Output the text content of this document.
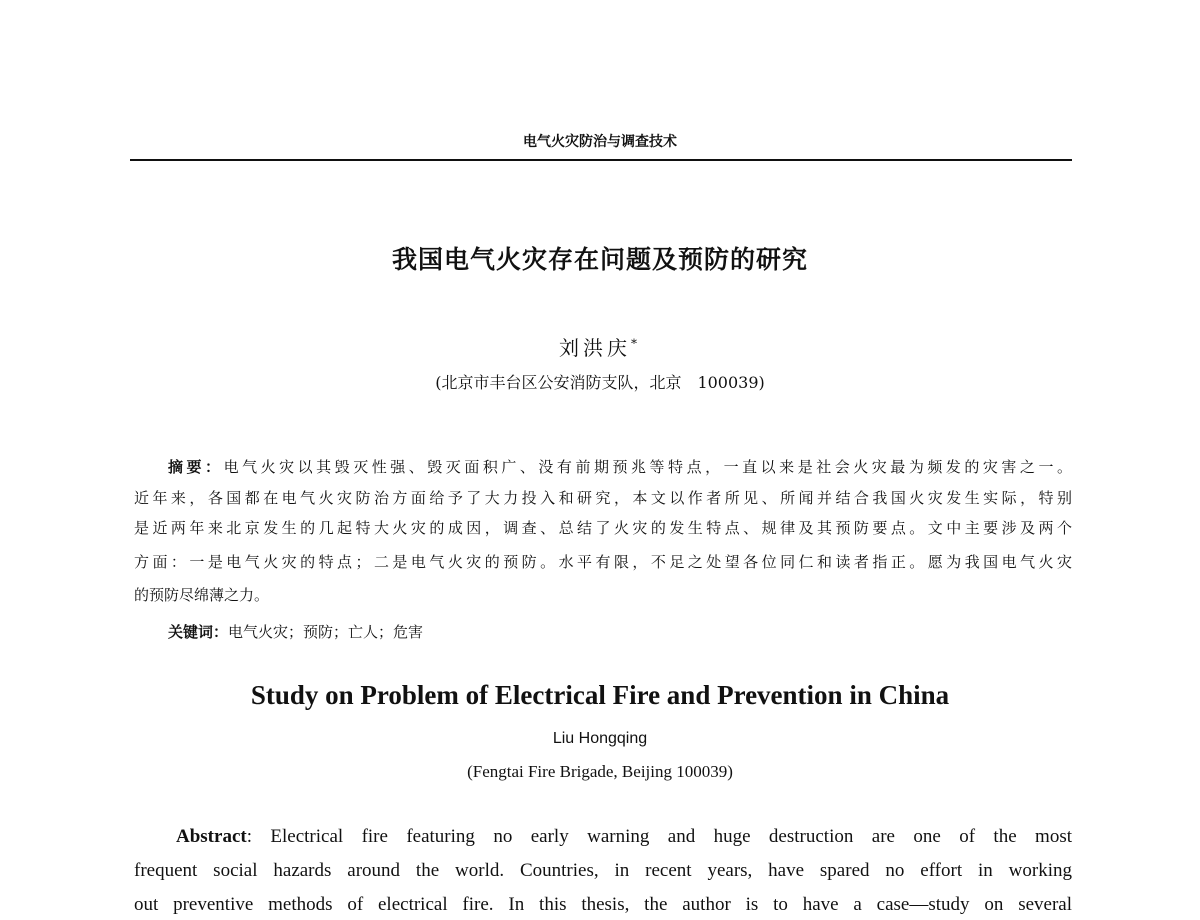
电气火灾防治与调查技术
我国电气火灾存在问题及预防的研究
刘洪庆*
(北京市丰台区公安消防支队，北京　100039)
摘要：电气火灾以其毁灭性强、毁灭面积广、没有前期预兆等特点，一直以来是社会火灾最为频发的灾害之一。
近年来，各国都在电气火灾防治方面给予了大力投入和研究，本文以作者所见、所闻并结合我国火灾发生实际，特别
是近两年来北京发生的几起特大火灾的成因，调查、总结了火灾的发生特点、规律及其预防要点。文中主要涉及两个
方面：一是电气火灾的特点；二是电气火灾的预防。水平有限，不足之处望各位同仁和读者指正。愿为我国电气火灾
的预防尽绵薄之力。
关键词：电气火灾；预防；亡人；危害
Study on Problem of Electrical Fire and Prevention in China
Liu Hongqing
(Fengtai Fire Brigade, Beijing 100039)
Abstract: Electrical fire featuring no early warning and huge destruction are one of the most
frequent social hazards around the world. Countries, in recent years, have spared no effort in working
out preventive methods of electrical fire. In this thesis, the author is to have a case—study on several
